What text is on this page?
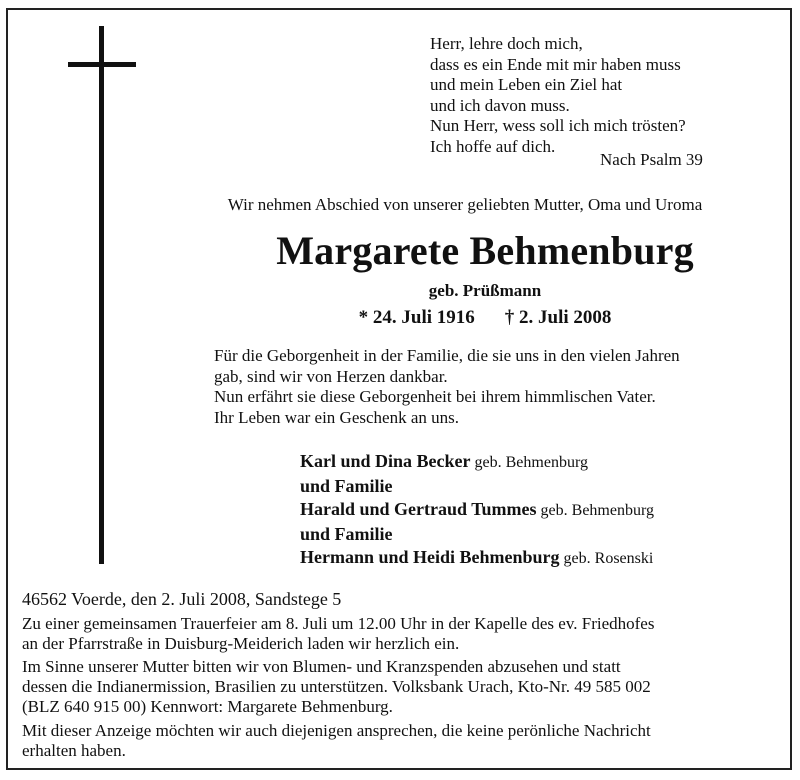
Herr, lehre doch mich,
dass es ein Ende mit mir haben muss
und mein Leben ein Ziel hat
und ich davon muss.
Nun Herr, wess soll ich mich trösten?
Ich hoffe auf dich.
Nach Psalm 39
Wir nehmen Abschied von unserer geliebten Mutter, Oma und Uroma
Margarete Behmenburg
geb. Prüßmann
* 24. Juli 1916 † 2. Juli 2008
Für die Geborgenheit in der Familie, die sie uns in den vielen Jahren
gab, sind wir von Herzen dankbar.
Nun erfährt sie diese Geborgenheit bei ihrem himmlischen Vater.
Ihr Leben war ein Geschenk an uns.
Karl und Dina Becker geb. Behmenburg
und Familie
Harald und Gertraud Tummes geb. Behmenburg
und Familie
Hermann und Heidi Behmenburg geb. Rosenski
46562 Voerde, den 2. Juli 2008, Sandstege 5

Zu einer gemeinsamen Trauerfeier am 8. Juli um 12.00 Uhr in der Kapelle des ev. Friedhofes
an der Pfarrstraße in Duisburg-Meiderich laden wir herzlich ein.

Im Sinne unserer Mutter bitten wir von Blumen- und Kranzspenden abzusehen und statt
dessen die Indianermission, Brasilien zu unterstützen. Volksbank Urach, Kto-Nr. 49 585 002
(BLZ 640 915 00) Kennwort: Margarete Behmenburg.

Mit dieser Anzeige möchten wir auch diejenigen ansprechen, die keine perönliche Nachricht
erhalten haben.
